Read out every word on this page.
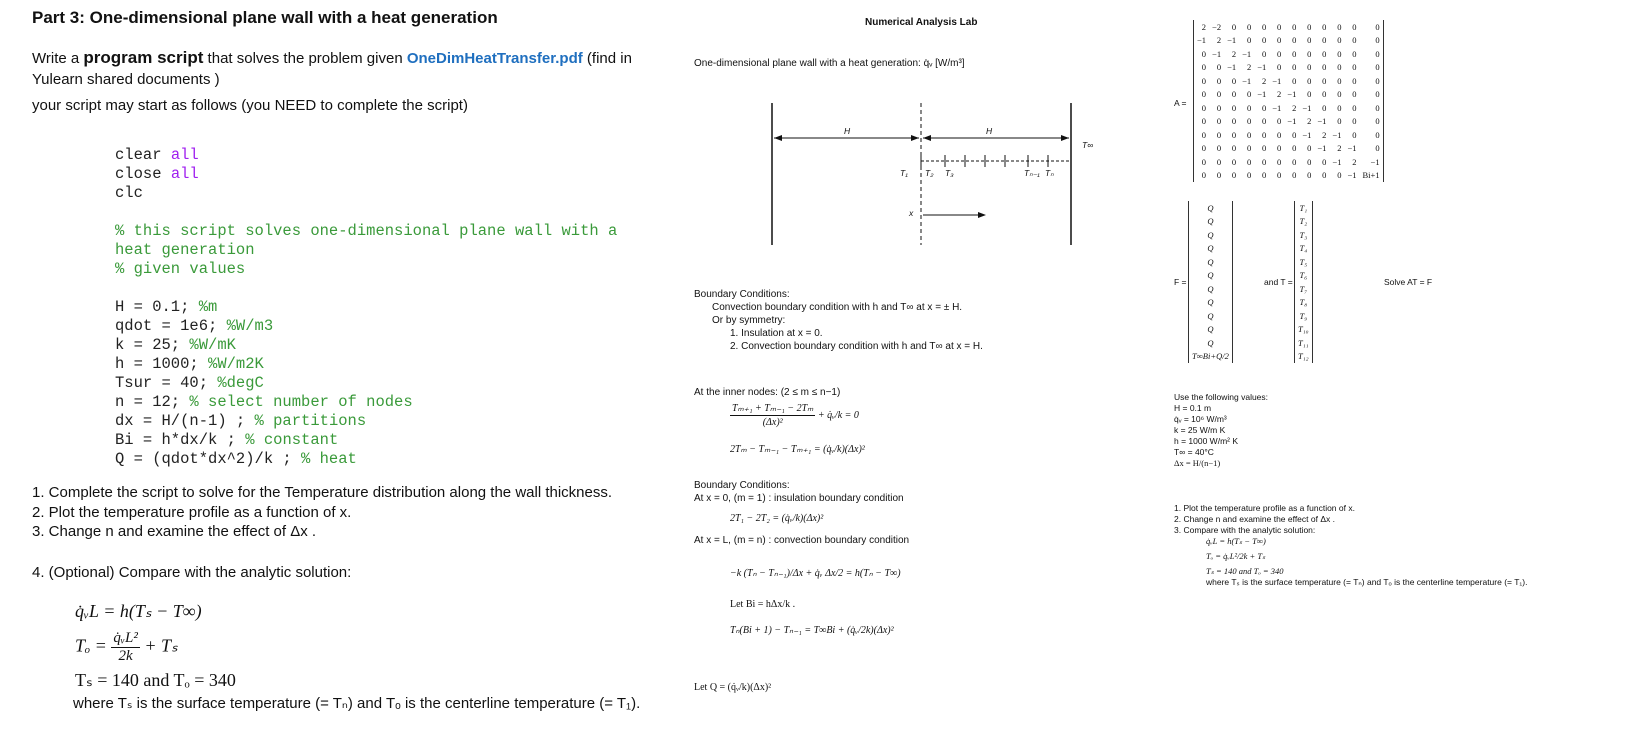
Part 3: One-dimensional plane wall with a heat generation
Write a program script that solves the problem given OneDimHeatTransfer.pdf (find in
Yulearn shared documents )
your script may start as follows (you NEED to complete the script)
clear all
close all
clc

% this script solves one-dimensional plane wall with a
heat generation
% given values

H = 0.1; %m
qdot = 1e6; %W/m3
k = 25; %W/mK
h = 1000; %W/m2K
Tsur = 40; %degC
n = 12; % select number of nodes
dx = H/(n-1) ; % partitions
Bi = h*dx/k ; % constant
Q = (qdot*dx^2)/k ; % heat
1. Complete the script to solve for the Temperature distribution along the wall thickness.
2. Plot the temperature profile as a function of x.
3. Change n and examine the effect of Δx .
4. (Optional) Compare with the analytic solution:
q̇ᵥL = h(Tₛ − T∞)
$T_o = \frac{\text{q̇ᵥL²}}{2k} + T_s$
Tₛ = 140 and Tₒ = 340
where Tₛ is the surface temperature (= Tₙ) and Tₒ is the centerline temperature (= T₁).
Numerical Analysis Lab
One-dimensional plane wall with a heat generation: q̇ᵥ [W/m³]
H	H
T∞
T₁ T₂ T₃	Tₙ₋₁ Tₙ
x
Boundary Conditions:
Convection boundary condition with h and T∞ at x = ± H.
Or by symmetry:
1. Insulation at x = 0.
2. Convection boundary condition with h and T∞ at x = H.
At the inner nodes: (2 ≤ m ≤ n−1)
$\frac{\text{Tₘ₊₁ + Tₘ₋₁ − 2Tₘ}}{\text{(Δx)²}}$ + q̇ᵥ/k = 0
2Tₘ − Tₘ₋₁ − Tₘ₊₁ = (q̇ᵥ/k)(Δx)²
Boundary Conditions:
At x = 0, (m = 1) : insulation boundary condition
2T₁ − 2T₂ = (q̇ᵥ/k)(Δx)²
At x = L, (m = n) : convection boundary condition
−k (Tₙ − Tₙ₋₁)/Δx + q̇ᵥ Δx/2 = h(Tₙ − T∞)
Let Bi = hΔx/k .
Tₙ(Bi + 1) − Tₙ₋₁ = T∞Bi + (q̇ᵥ/2k)(Δx)²
Let Q = (q̇ᵥ/k)(Δx)²
A =
2	−2	0	0	0	0	0	0	0	0	0	0
−1	2	−1	0	0	0	0	0	0	0	0	0
0	−1	2	−1	0	0	0	0	0	0	0	0
0	0	−1	2	−1	0	0	0	0	0	0	0
0	0	0	−1	2	−1	0	0	0	0	0	0
0	0	0	0	−1	2	−1	0	0	0	0	0
0	0	0	0	0	−1	2	−1	0	0	0	0
0	0	0	0	0	0	−1	2	−1	0	0	0
0	0	0	0	0	0	0	−1	2	−1	0	0
0	0	0	0	0	0	0	0	−1	2	−1	0
0	0	0	0	0	0	0	0	0	−1	2	−1
0	0	0	0	0	0	0	0	0	0	−1	Bi+1
F =
Q
Q
Q
Q
Q
Q
Q
Q
Q
Q
Q
T∞Bi+Q/2
and T =
T₁
T₂
T₃
T₄
T₅
T₆
T₇
T₈
T₉
T₁₀
T₁₁
T₁₂
Solve AT = F
Use the following values:
H = 0.1 m
q̇ᵥ = 10⁶ W/m³
k = 25 W/m K
h = 1000 W/m² K
T∞ = 40°C
Δx = H/(n−1)
1. Plot the temperature profile as a function of x.
2. Change n and examine the effect of Δx .
3. Compare with the analytic solution:
q̇ᵥL = h(Tₛ − T∞)
Tₒ = q̇ᵥL²/2k + Tₛ
Tₛ = 140 and Tₒ = 340
where Tₛ is the surface temperature (= Tₙ) and Tₒ is the centerline temperature (= T₁).
